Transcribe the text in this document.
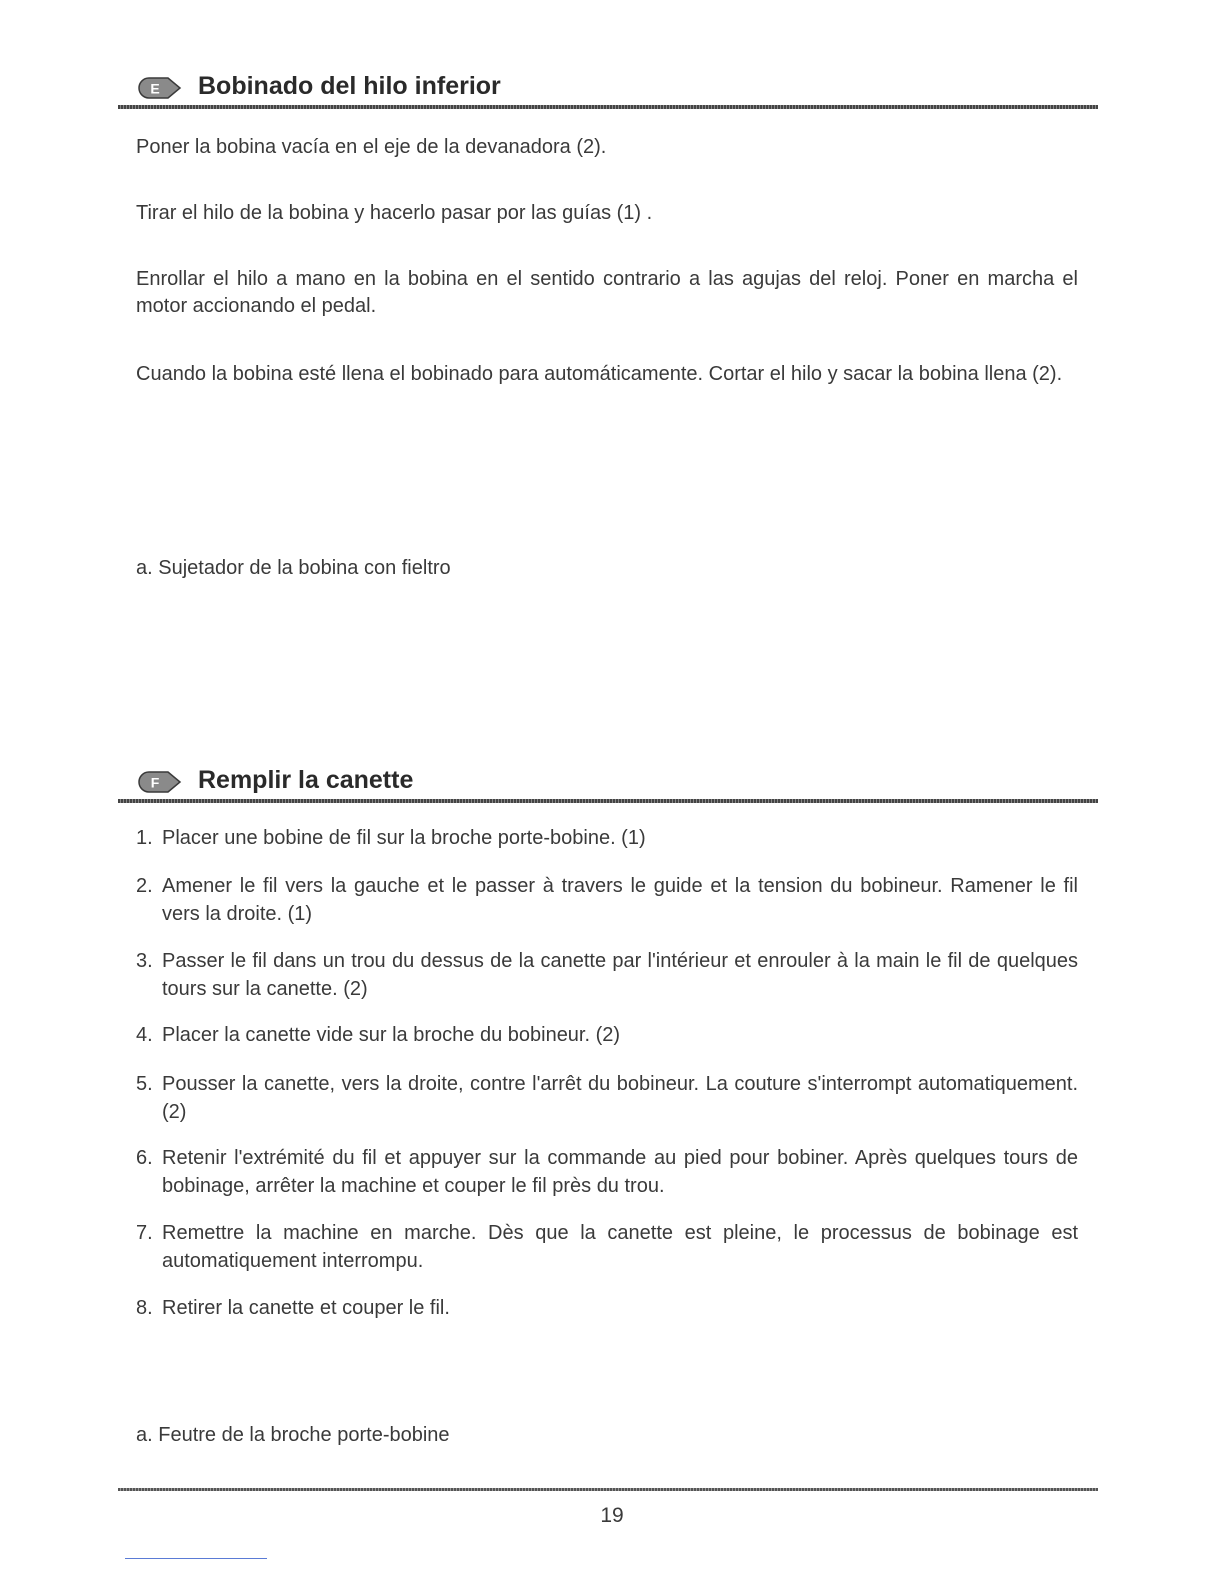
E Bobinado del hilo inferior
Poner la bobina vacía en el eje de la devanadora (2).
Tirar el hilo de la bobina y hacerlo pasar por las guías (1) .
Enrollar el hilo a mano en la bobina en el sentido contrario a las agujas del reloj. Poner en marcha el motor accionando el pedal.
Cuando la bobina esté llena el bobinado para automáticamente. Cortar el hilo y sacar la bobina llena (2).
a. Sujetador de la bobina con fieltro
F Remplir la canette
1. Placer une bobine de fil sur la broche porte-bobine. (1)
2. Amener le fil vers la gauche et le passer à travers le guide et la tension du bobineur. Ramener le fil vers la droite. (1)
3. Passer le fil dans un trou du dessus de la canette par l'intérieur et enrouler à la main le fil de quelques tours sur la canette. (2)
4. Placer la canette vide sur la broche du bobineur. (2)
5. Pousser la canette, vers la droite, contre l'arrêt du bobineur. La couture s'interrompt automatiquement. (2)
6. Retenir l'extrémité du fil et appuyer sur la commande au pied pour bobiner. Après quelques tours de bobinage, arrêter la machine et couper le fil près du trou.
7. Remettre la machine en marche. Dès que la canette est pleine, le processus de bobinage est automatiquement interrompu.
8. Retirer la canette et couper le fil.
a. Feutre de la broche porte-bobine
19
